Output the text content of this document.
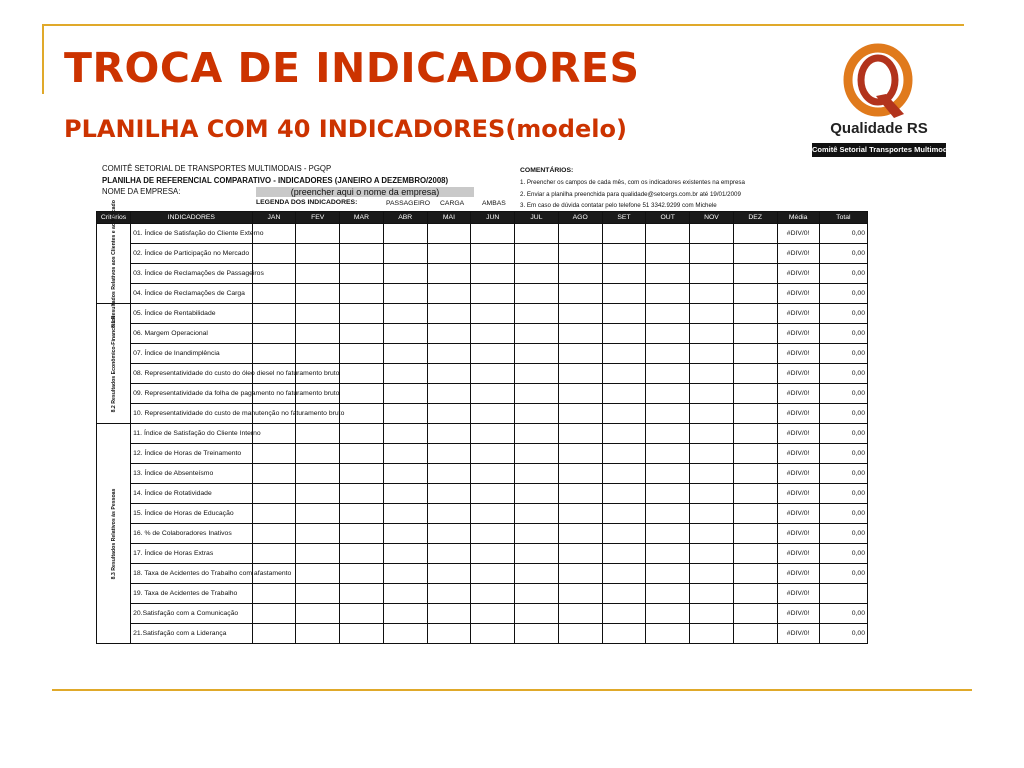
TROCA DE INDICADORES
PLANILHA COM 40 INDICADORES(modelo)	Qualidade RS
Comitê Setorial Transportes Multimodais
COMITÊ SETORIAL DE TRANSPORTES MULTIMODAIS - PGQP
PLANILHA DE REFERENCIAL COMPARATIVO - INDICADORES (JANEIRO A DEZEMBRO/2008)
NOME DA EMPRESA:	(preencher aqui o nome da empresa)
LEGENDA DOS INDICADORES:	PASSAGEIRO CARGA	AMBAS
COMENTÁRIOS:
1. Preencher os campos de cada mês, com os indicadores existentes na empresa
2. Enviar a planilha preenchida para qualidade@setcergs.com.br até 19/01/2009
3. Em caso de dúvida contatar pelo telefone 51 3342.9299 com Michele
Critérios	INDICADORES	JAN	FEV	MAR	ABR	MAI	JUN	JUL	AGO	SET	OUT	NOV	DEZ	Média	Total

8.1 Resultados Relativos aos Clientes e ao Mercado	01. Índice de Satisfação do Cliente Externo													#DIV/0!	0,00
	02. Índice de Participação no Mercado													#DIV/0!	0,00
	03. Índice de Reclamações de Passageiros													#DIV/0!	0,00
	04. Índice de Reclamações de Carga													#DIV/0!	0,00

8.2 Resultados Econômico-Financeiros	05. Índice de Rentabilidade													#DIV/0!	0,00
	06. Margem Operacional													#DIV/0!	0,00
	07. Índice de Inandimplência													#DIV/0!	0,00
	08. Representatividade do custo do óleo diesel no faturamento bruto													#DIV/0!	0,00
	09. Representatividade da folha de pagamento no faturamento bruto													#DIV/0!	0,00
	10. Representatividade do custo de manutenção no faturamento bruto													#DIV/0!	0,00

8.3 Resultados Relativos às Pessoas	11. Índice de Satisfação do Cliente Interno													#DIV/0!	0,00
	12. Índice de Horas de Treinamento													#DIV/0!	0,00
	13. Índice de Absenteísmo													#DIV/0!	0,00
	14. Índice de Rotatividade													#DIV/0!	0,00
	15. Índice de Horas de Educação													#DIV/0!	0,00
	16. % de Colaboradores Inativos													#DIV/0!	0,00
	17. Índice de Horas Extras													#DIV/0!	0,00
	18. Taxa de Acidentes do Trabalho com afastamento													#DIV/0!	0,00
	19. Taxa de Acidentes de Trabalho													#DIV/0!	
	20.Satisfação com a Comunicação													#DIV/0!	0,00
	21.Satisfação com a Liderança													#DIV/0!	0,00
